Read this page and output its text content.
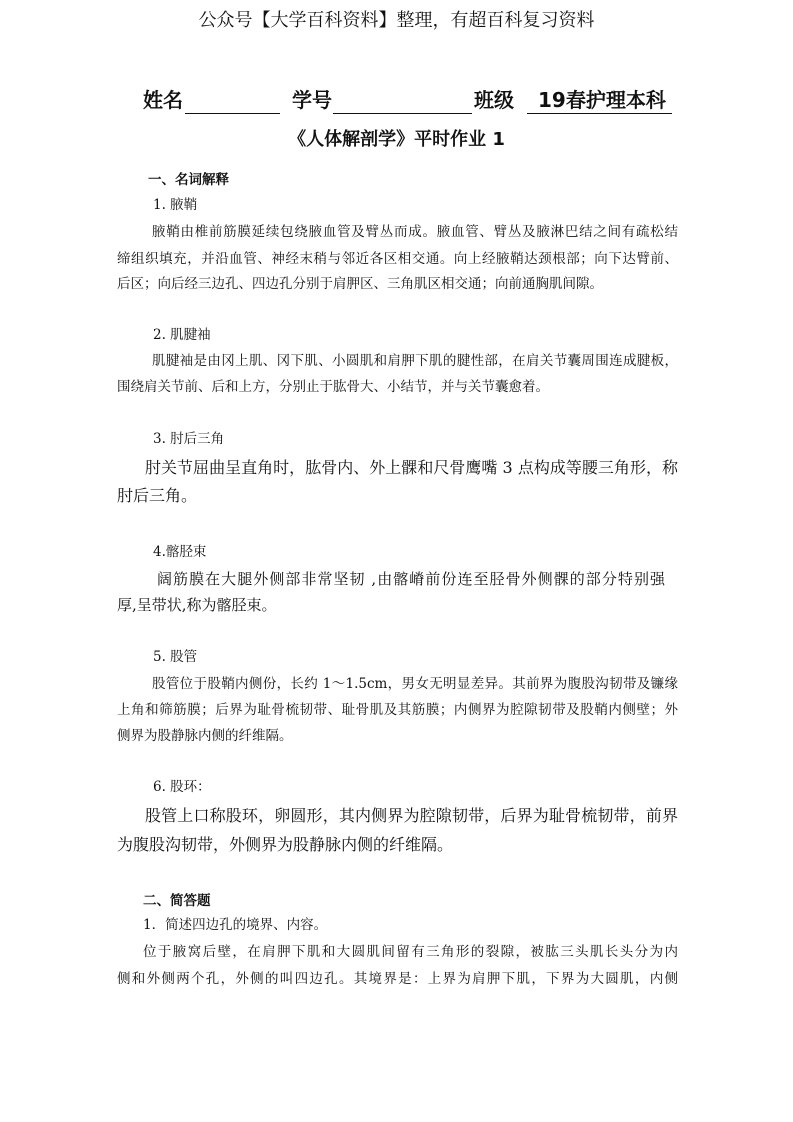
公众号【大学百科资料】整理，有超百科复习资料
姓名	学号	班级 19春护理本科
《人体解剖学》平时作业 1
一、名词解释
1. 腋鞘
腋鞘由椎前筋膜延续包绕腋血管及臂丛而成。腋血管、臂丛及腋淋巴结之间有疏松结
缔组织填充，并沿血管、神经末稍与邻近各区相交通。向上经腋鞘达颈根部；向下达臂前、
后区；向后经三边孔、四边孔分别于肩胛区、三角肌区相交通；向前通胸肌间隙。
2. 肌腱袖
肌腱袖是由冈上肌、冈下肌、小圆肌和肩胛下肌的腱性部，在肩关节囊周围连成腱板，
围绕肩关节前、后和上方，分别止于肱骨大、小结节，并与关节囊愈着。
3. 肘后三角
肘关节屈曲呈直角时，肱骨内、外上髁和尺骨鹰嘴 3 点构成等腰三角形，称
肘后三角。
4.髂胫束
阔筋膜在大腿外侧部非常坚韧 ,由髂嵴前份连至胫骨外侧髁的部分特别强
厚,呈带状,称为髂胫束。
5. 股管
股管位于股鞘内侧份，长约 1～1.5cm，男女无明显差异。其前界为腹股沟韧带及镰缘
上角和筛筋膜；后界为耻骨梳韧带、耻骨肌及其筋膜；内侧界为腔隙韧带及股鞘内侧壁；外
侧界为股静脉内侧的纤维隔。
6. 股环：
股管上口称股环，卵圆形，其内侧界为腔隙韧带，后界为耻骨梳韧带，前界
为腹股沟韧带，外侧界为股静脉内侧的纤维隔。
二、简答题
1．简述四边孔的境界、内容。
位于腋窝后壁，在肩胛下肌和大圆肌间留有三角形的裂隙，被肱三头肌长头分为内
侧和外侧两个孔，外侧的叫四边孔。其境界是：上界为肩胛下肌，下界为大圆肌，内侧
